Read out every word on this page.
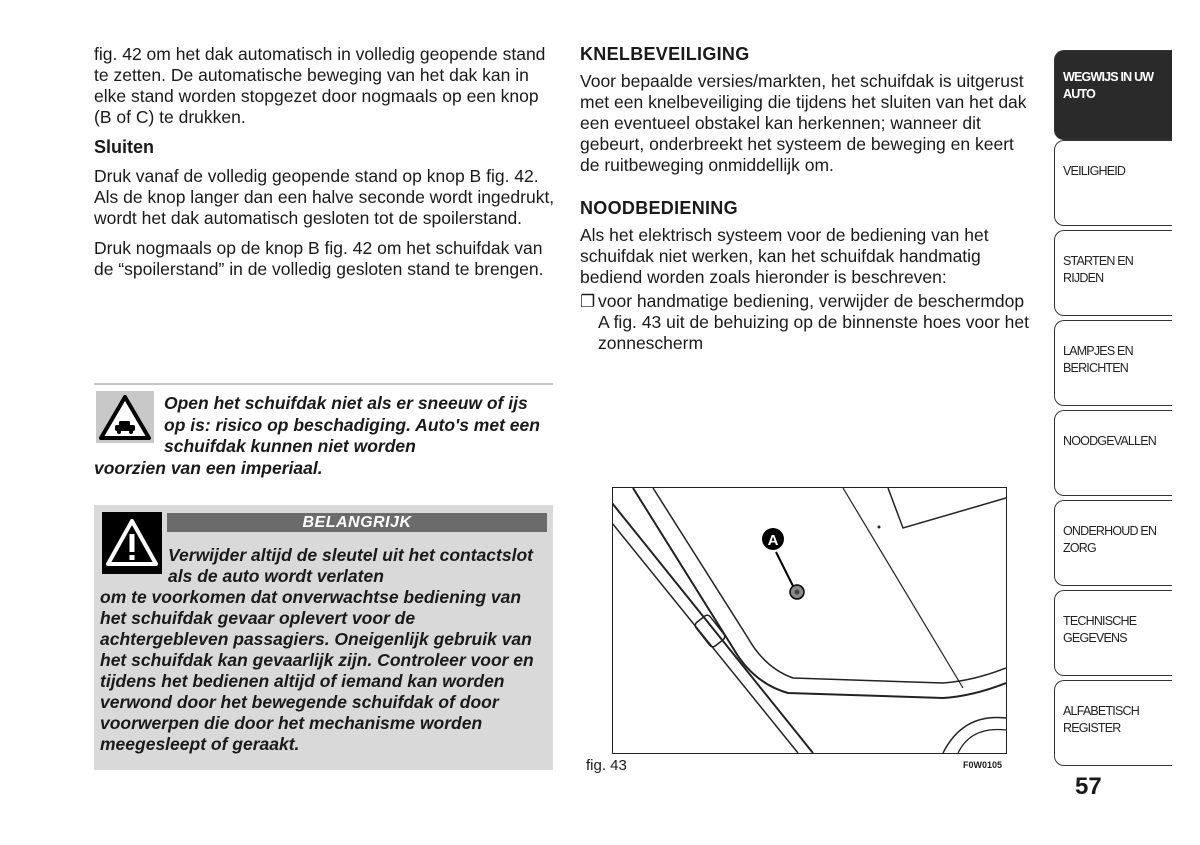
fig. 42 om het dak automatisch in volledig geopende stand te zetten. De automatische beweging van het dak kan in elke stand worden stopgezet door nogmaals op een knop (B of C) te drukken.

Sluiten

Druk vanaf de volledig geopende stand op knop B fig. 42. Als de knop langer dan een halve seconde wordt ingedrukt, wordt het dak automatisch gesloten tot de spoilerstand.

Druk nogmaals op de knop B fig. 42 om het schuifdak van de “spoilerstand” in de volledig gesloten stand te brengen.

Open het schuifdak niet als er sneeuw of ijs op is: risico op beschadiging. Auto's met een schuifdak kunnen niet worden
voorzien van een imperiaal.
BELANGRIJK
Verwijder altijd de sleutel uit het contactslot als de auto wordt verlaten
om te voorkomen dat onverwachtse bediening van het schuifdak gevaar oplevert voor de achtergebleven passagiers. Oneigenlijk gebruik van het schuifdak kan gevaarlijk zijn. Controleer voor en tijdens het bedienen altijd of iemand kan worden verwond door het bewegende schuifdak of door voorwerpen die door het mechanisme worden meegesleept of geraakt.
KNELBEVEILIGING

Voor bepaalde versies/markten, het schuifdak is uitgerust met een knelbeveiliging die tijdens het sluiten van het dak een eventueel obstakel kan herkennen; wanneer dit gebeurt, onderbreekt het systeem de beweging en keert de ruitbeweging onmiddellijk om.

NOODBEDIENING

Als het elektrisch systeem voor de bediening van het schuifdak niet werken, kan het schuifdak handmatig bediend worden zoals hieronder is beschreven:

❐ voor handmatige bediening, verwijder de beschermdop A fig. 43 uit de behuizing op de binnenste hoes voor het zonnescherm
A
fig. 43	F0W0105
WEGWIJS IN UW AUTO
VEILIGHEID
STARTEN EN RIJDEN
LAMPJES EN BERICHTEN
NOODGEVALLEN
ONDERHOUD EN ZORG
TECHNISCHE GEGEVENS
ALFABETISCH REGISTER
57
